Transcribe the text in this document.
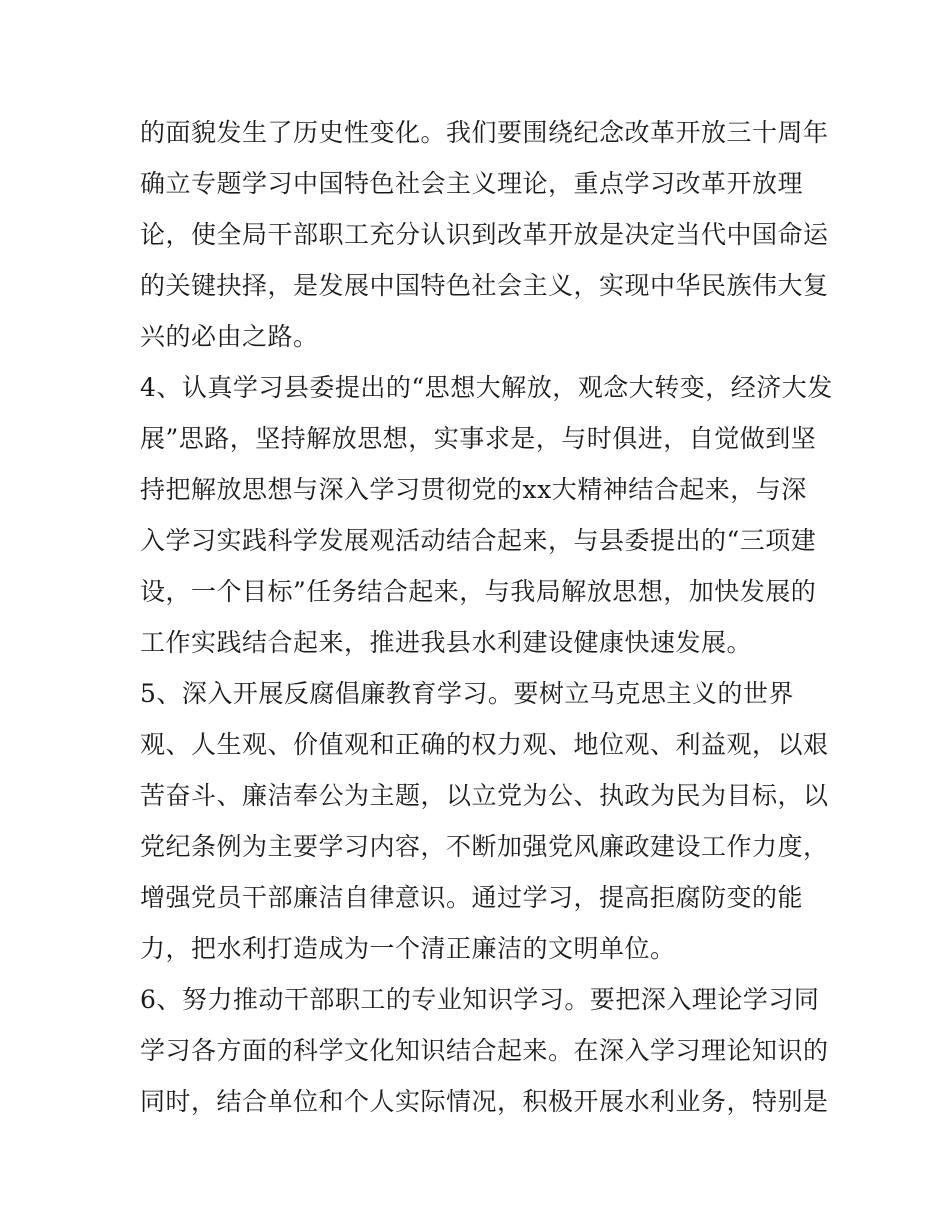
的面貌发生了历史性变化。我们要围绕纪念改革开放三十周年
确立专题学习中国特色社会主义理论，重点学习改革开放理
论，使全局干部职工充分认识到改革开放是决定当代中国命运
的关键抉择，是发展中国特色社会主义，实现中华民族伟大复
兴的必由之路。
4、认真学习县委提出的“思想大解放，观念大转变，经济大发
展”思路，坚持解放思想，实事求是，与时俱进，自觉做到坚
持把解放思想与深入学习贯彻党的xx大精神结合起来，与深
入学习实践科学发展观活动结合起来，与县委提出的“三项建
设，一个目标”任务结合起来，与我局解放思想，加快发展的
工作实践结合起来，推进我县水利建设健康快速发展。
5、深入开展反腐倡廉教育学习。要树立马克思主义的世界
观、人生观、价值观和正确的权力观、地位观、利益观，以艰
苦奋斗、廉洁奉公为主题，以立党为公、执政为民为目标，以
党纪条例为主要学习内容，不断加强党风廉政建设工作力度，
增强党员干部廉洁自律意识。通过学习，提高拒腐防变的能
力，把水利打造成为一个清正廉洁的文明单位。
6、努力推动干部职工的专业知识学习。要把深入理论学习同
学习各方面的科学文化知识结合起来。在深入学习理论知识的
同时，结合单位和个人实际情况，积极开展水利业务，特别是
